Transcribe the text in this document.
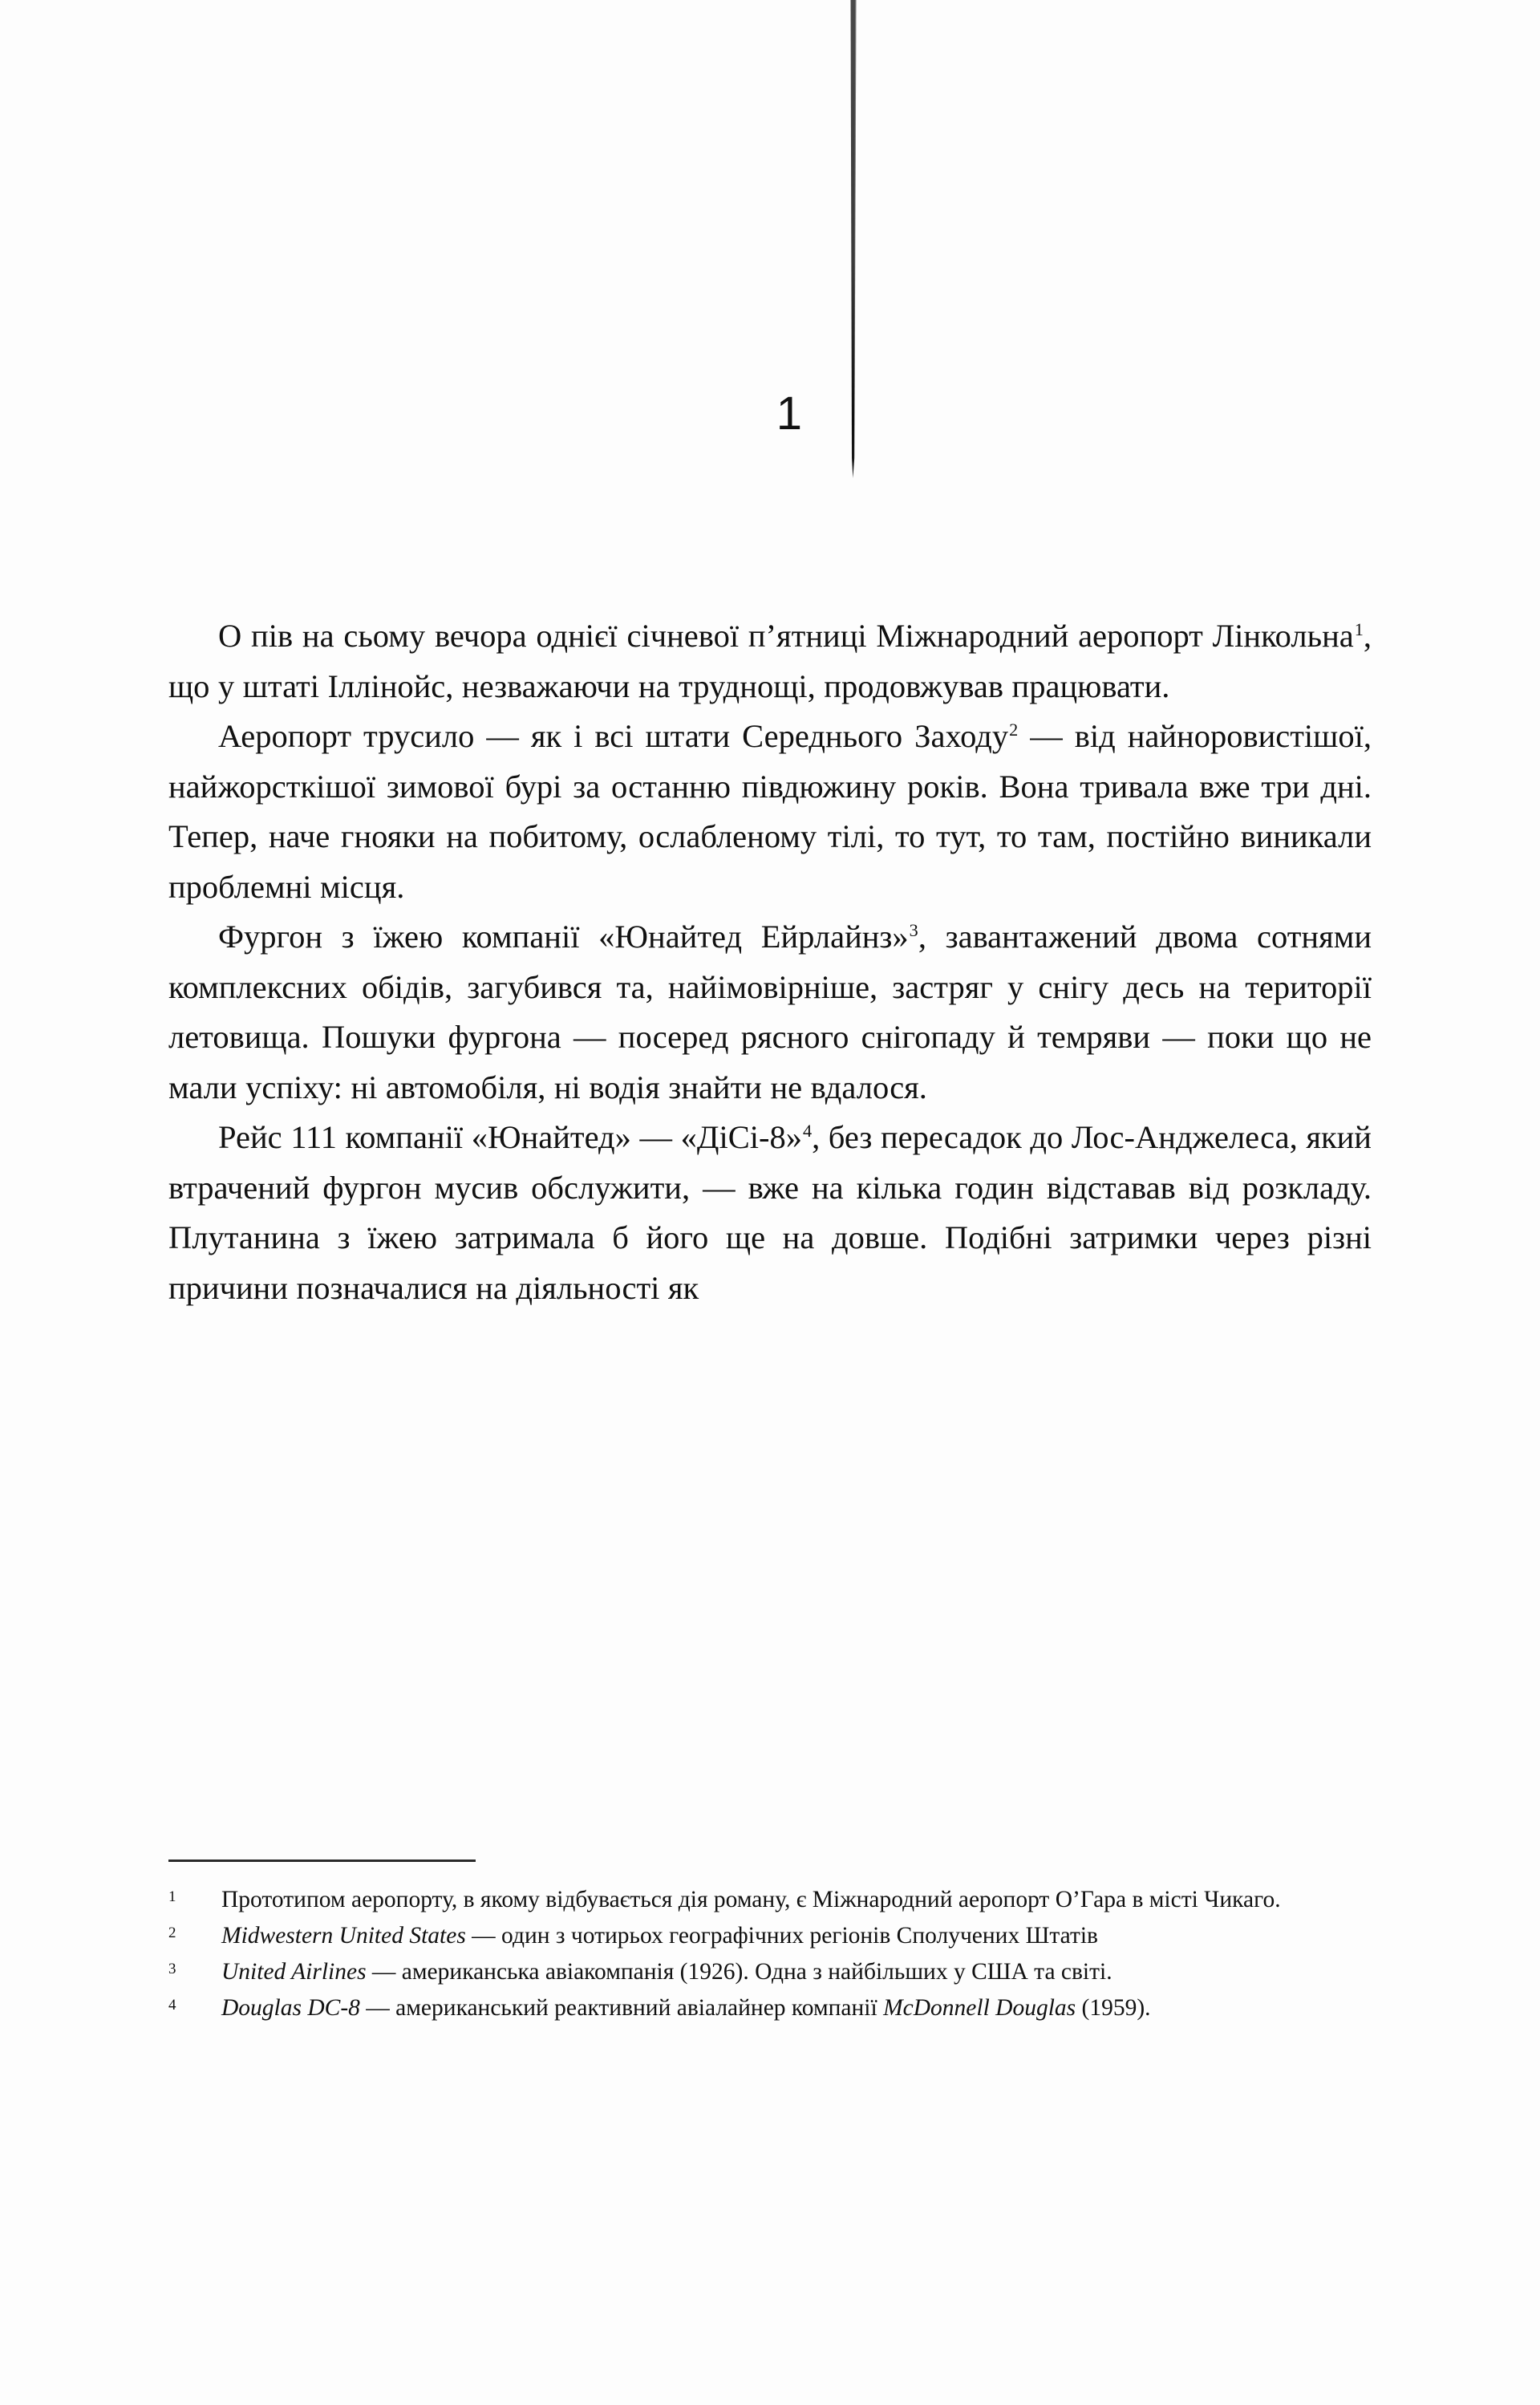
1

О пів на сьому вечора однієї січневої п’ятниці Міжнародний аеропорт Лінкольна$^1$, що у штаті Іллінойс, незважаючи на труднощі, продовжував працювати.

Аеропорт трусило — як і всі штати Середнього Заходу$^2$ — від найноровистішої, найжорсткішої зимової бурі за останню півдюжину років. Вона тривала вже три дні. Тепер, наче гнояки на побитому, ослабленому тілі, то тут, то там, постійно виникали проблемні місця.

Фургон з їжею компанії «Юнайтед Ейрлайнз»$^3$, завантажений двома сотнями комплексних обідів, загубився та, найімовірніше, застряг у снігу десь на території летовища. Пошуки фургона — посеред рясного снігопаду й темряви — поки що не мали успіху: ні автомобіля, ні водія знайти не вдалося.

Рейс 111 компанії «Юнайтед» — «ДіСі-8»$^4$, без пересадок до Лос-Анджелеса, який втрачений фургон мусив обслужити, — вже на кілька годин відставав від розкладу. Плутанина з їжею затримала б його ще на довше. Подібні затримки через різні причини позначалися на діяльності як

1	Прототипом аеропорту, в якому відбувається дія роману, є Міжнародний аеропорт О’Гара в місті Чикаго.
2	Midwestern United States — один з чотирьох географічних регіонів Сполучених Штатів
3	United Airlines — американська авіакомпанія (1926). Одна з найбільших у США та світі.
4	Douglas DC-8 — американський реактивний авіалайнер компанії McDonnell Douglas (1959).
